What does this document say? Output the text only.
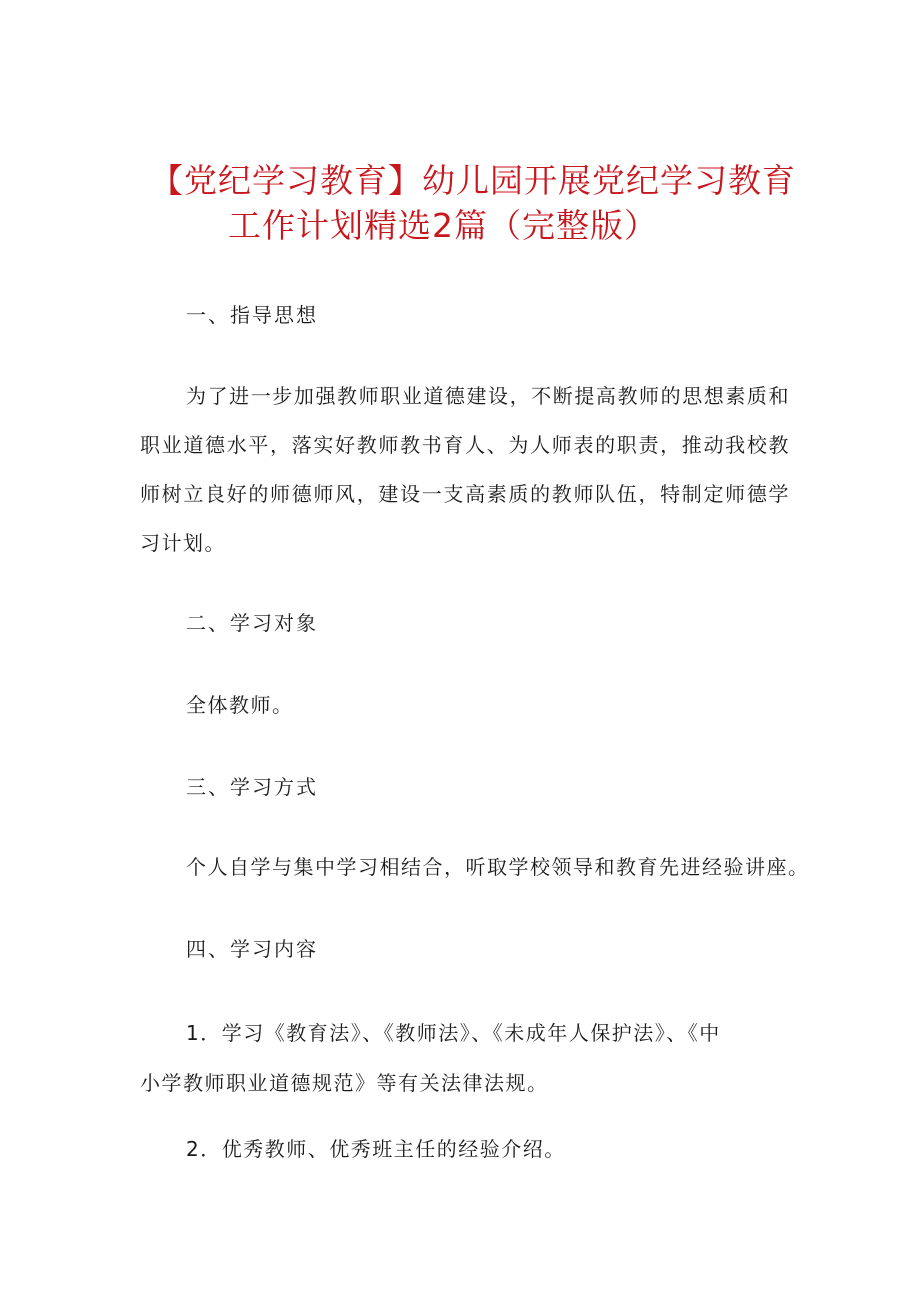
【党纪学习教育】幼儿园开展党纪学习教育
工作计划精选2篇（完整版）
一、指导思想
为了进一步加强教师职业道德建设，不断提高教师的思想素质和职业道德水平，落实好教师教书育人、为人师表的职责，推动我校教师树立良好的师德师风，建设一支高素质的教师队伍，特制定师德学习计划。
二、学习对象
全体教师。
三、学习方式
个人自学与集中学习相结合，听取学校领导和教育先进经验讲座。
四、学习内容
1．学习《教育法》、《教师法》、《未成年人保护法》、《中
小学教师职业道德规范》等有关法律法规。
2．优秀教师、优秀班主任的经验介绍。
